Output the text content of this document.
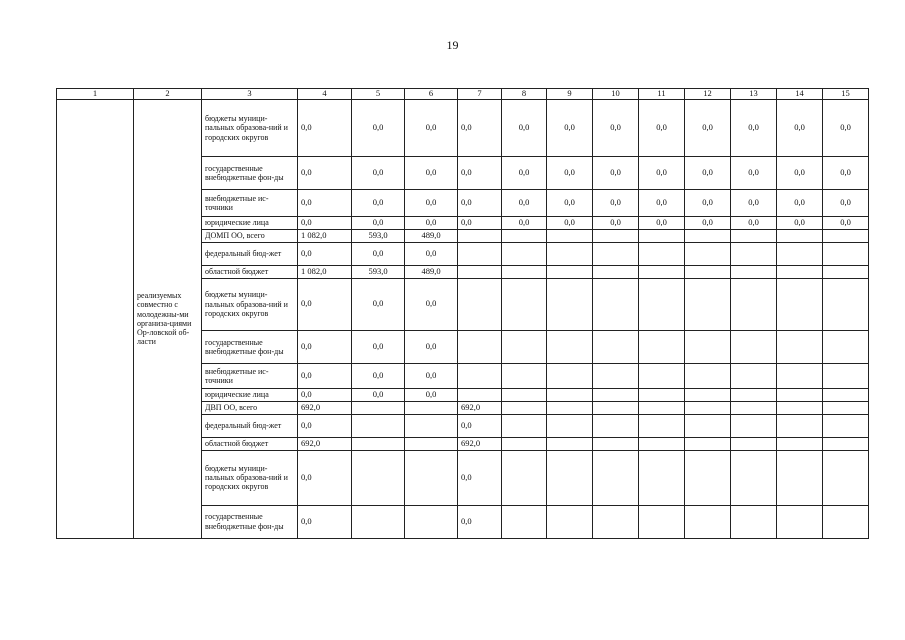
19
1	2	3	4	5	6	7	8	9	10	11	12	13	14	15
	реализуемых совместно с молодежны-ми организа-циями Ор-ловской об-ласти	бюджеты муници-пальных образова-ний и городских округов	0,0	0,0	0,0	0,0	0,0	0,0	0,0	0,0	0,0	0,0	0,0	0,0
		государственные внебюджетные фон-ды	0,0	0,0	0,0	0,0	0,0	0,0	0,0	0,0	0,0	0,0	0,0	0,0
		внебюджетные ис-точники	0,0	0,0	0,0	0,0	0,0	0,0	0,0	0,0	0,0	0,0	0,0	0,0
		юридические лица	0,0	0,0	0,0	0,0	0,0	0,0	0,0	0,0	0,0	0,0	0,0	0,0
		ДОМП ОО, всего	1 082,0	593,0	489,0									
		федеральный бюд-жет	0,0	0,0	0,0									
		областной бюджет	1 082,0	593,0	489,0									
		бюджеты муници-пальных образова-ний и городских округов	0,0	0,0	0,0									
		государственные внебюджетные фон-ды	0,0	0,0	0,0									
		внебюджетные ис-точники	0,0	0,0	0,0									
		юридические лица	0,0	0,0	0,0									
		ДВП ОО, всего	692,0			692,0								
		федеральный бюд-жет	0,0			0,0								
		областной бюджет	692,0			692,0								
		бюджеты муници-пальных образова-ний и городских округов	0,0			0,0								
		государственные внебюджетные фон-ды	0,0			0,0								
